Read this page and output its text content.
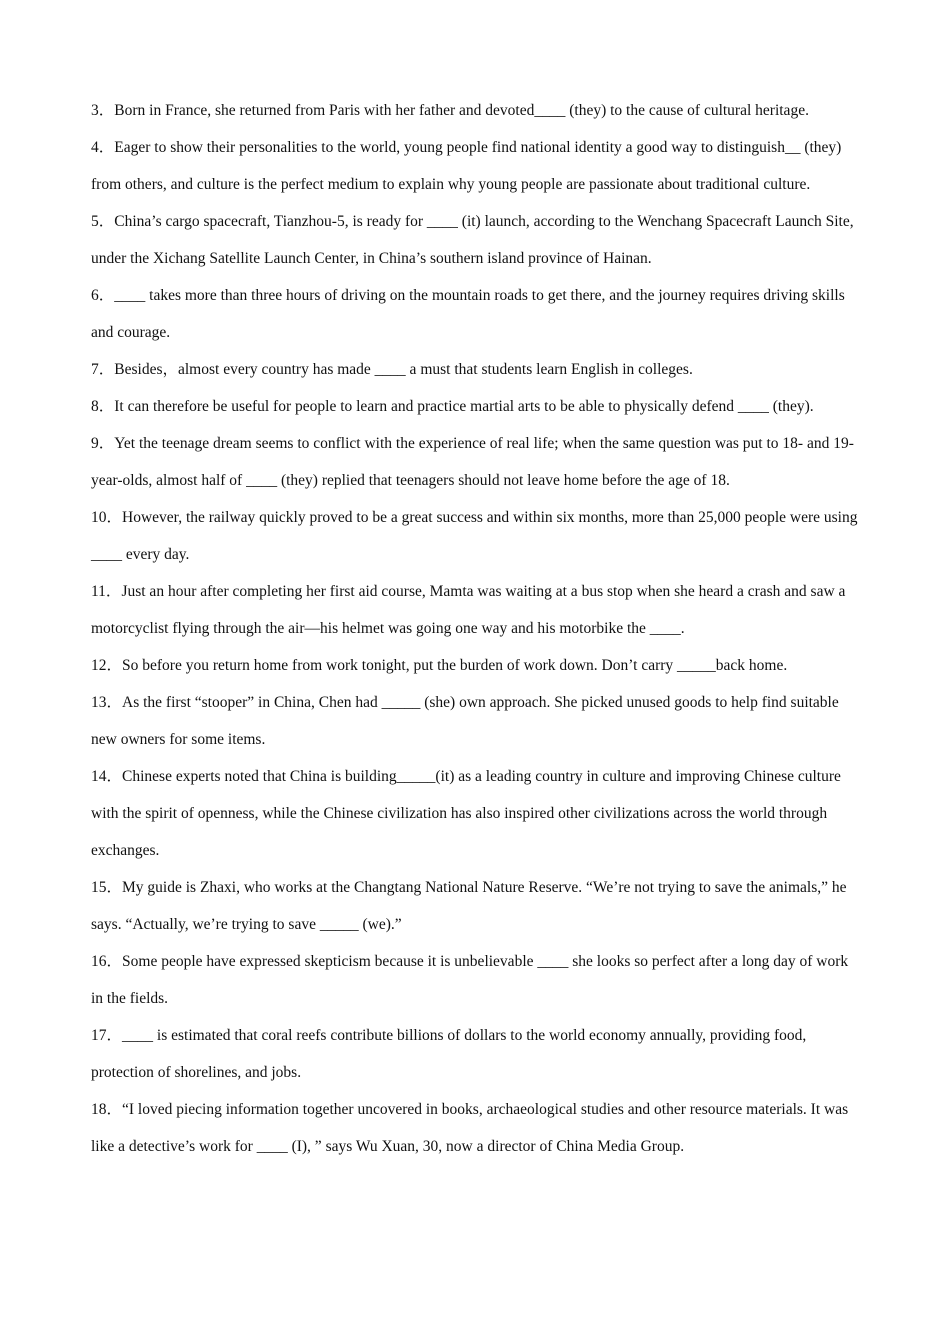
3．Born in France, she returned from Paris with her father and devoted____ (they) to the cause of cultural heritage.

4．Eager to show their personalities to the world, young people find national identity a good way to distinguish__ (they) from others, and culture is the perfect medium to explain why young people are passionate about traditional culture.

5．China’s cargo spacecraft, Tianzhou-5, is ready for ____ (it) launch, according to the Wenchang Spacecraft Launch Site, under the Xichang Satellite Launch Center, in China’s southern island province of Hainan.

6．____ takes more than three hours of driving on the mountain roads to get there, and the journey requires driving skills and courage.

7．Besides，almost every country has made ____ a must that students learn English in colleges.

8．It can therefore be useful for people to learn and practice martial arts to be able to physically defend ____ (they).

9．Yet the teenage dream seems to conflict with the experience of real life; when the same question was put to 18- and 19-year-olds, almost half of ____ (they) replied that teenagers should not leave home before the age of 18.

10．However, the railway quickly proved to be a great success and within six months, more than 25,000 people were using ____ every day.

11．Just an hour after completing her first aid course, Mamta was waiting at a bus stop when she heard a crash and saw a motorcyclist flying through the air—his helmet was going one way and his motorbike the ____.

12．So before you return home from work tonight, put the burden of work down. Don’t carry _____back home.

13．As the first “stooper” in China, Chen had _____ (she) own approach. She picked unused goods to help find suitable new owners for some items.

14．Chinese experts noted that China is building_____(it) as a leading country in culture and improving Chinese culture with the spirit of openness, while the Chinese civilization has also inspired other civilizations across the world through exchanges.

15．My guide is Zhaxi, who works at the Changtang National Nature Reserve. “We’re not trying to save the animals,” he says. “Actually, we’re trying to save _____ (we).”

16．Some people have expressed skepticism because it is unbelievable ____ she looks so perfect after a long day of work in the fields.

17．____ is estimated that coral reefs contribute billions of dollars to the world economy annually, providing food, protection of shorelines, and jobs.

18．“I loved piecing information together uncovered in books, archaeological studies and other resource materials. It was like a detective’s work for ____ (I), ” says Wu Xuan, 30, now a director of China Media Group.
